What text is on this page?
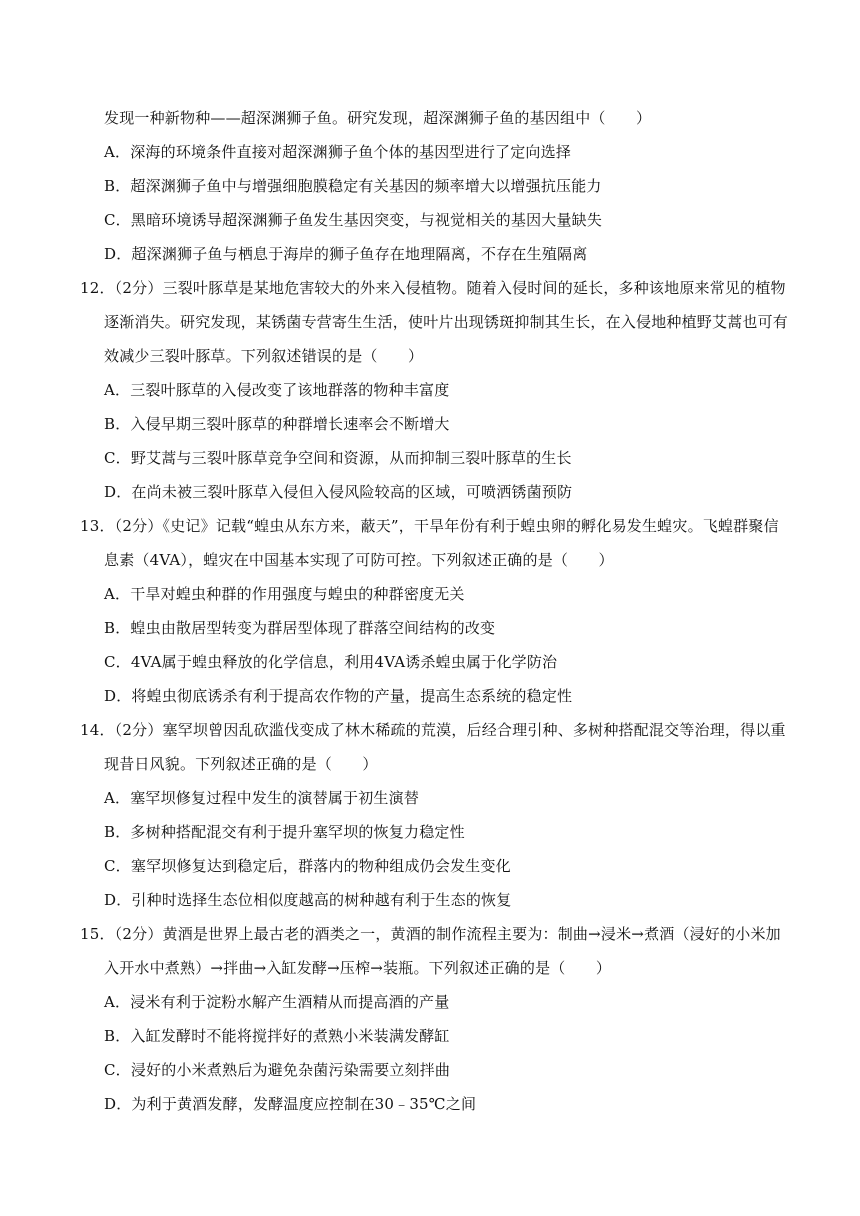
发现一种新物种——超深渊狮子鱼。研究发现，超深渊狮子鱼的基因组中（　　）
A．深海的环境条件直接对超深渊狮子鱼个体的基因型进行了定向选择
B．超深渊狮子鱼中与增强细胞膜稳定有关基因的频率增大以增强抗压能力
C．黑暗环境诱导超深渊狮子鱼发生基因突变，与视觉相关的基因大量缺失
D．超深渊狮子鱼与栖息于海岸的狮子鱼存在地理隔离，不存在生殖隔离
12．（2分）三裂叶豚草是某地危害较大的外来入侵植物。随着入侵时间的延长，多种该地原来常见的植物
逐渐消失。研究发现，某锈菌专营寄生生活，使叶片出现锈斑抑制其生长，在入侵地种植野艾蒿也可有
效减少三裂叶豚草。下列叙述错误的是（　　）
A．三裂叶豚草的入侵改变了该地群落的物种丰富度
B．入侵早期三裂叶豚草的种群增长速率会不断增大
C．野艾蒿与三裂叶豚草竞争空间和资源，从而抑制三裂叶豚草的生长
D．在尚未被三裂叶豚草入侵但入侵风险较高的区域，可喷洒锈菌预防
13．（2分）《史记》记载“蝗虫从东方来，蔽天”，干旱年份有利于蝗虫卵的孵化易发生蝗灾。飞蝗群聚信
息素（4VA），蝗灾在中国基本实现了可防可控。下列叙述正确的是（　　）
A．干旱对蝗虫种群的作用强度与蝗虫的种群密度无关
B．蝗虫由散居型转变为群居型体现了群落空间结构的改变
C．4VA属于蝗虫释放的化学信息，利用4VA诱杀蝗虫属于化学防治
D．将蝗虫彻底诱杀有利于提高农作物的产量，提高生态系统的稳定性
14．（2分）塞罕坝曾因乱砍滥伐变成了林木稀疏的荒漠，后经合理引种、多树种搭配混交等治理，得以重
现昔日风貌。下列叙述正确的是（　　）
A．塞罕坝修复过程中发生的演替属于初生演替
B．多树种搭配混交有利于提升塞罕坝的恢复力稳定性
C．塞罕坝修复达到稳定后，群落内的物种组成仍会发生变化
D．引种时选择生态位相似度越高的树种越有利于生态的恢复
15．（2分）黄酒是世界上最古老的酒类之一，黄酒的制作流程主要为：制曲→浸米→煮酒（浸好的小米加
入开水中煮熟）→拌曲→入缸发酵→压榨→装瓶。下列叙述正确的是（　　）
A．浸米有利于淀粉水解产生酒精从而提高酒的产量
B．入缸发酵时不能将搅拌好的煮熟小米装满发酵缸
C．浸好的小米煮熟后为避免杂菌污染需要立刻拌曲
D．为利于黄酒发酵，发酵温度应控制在30﹣35℃之间
